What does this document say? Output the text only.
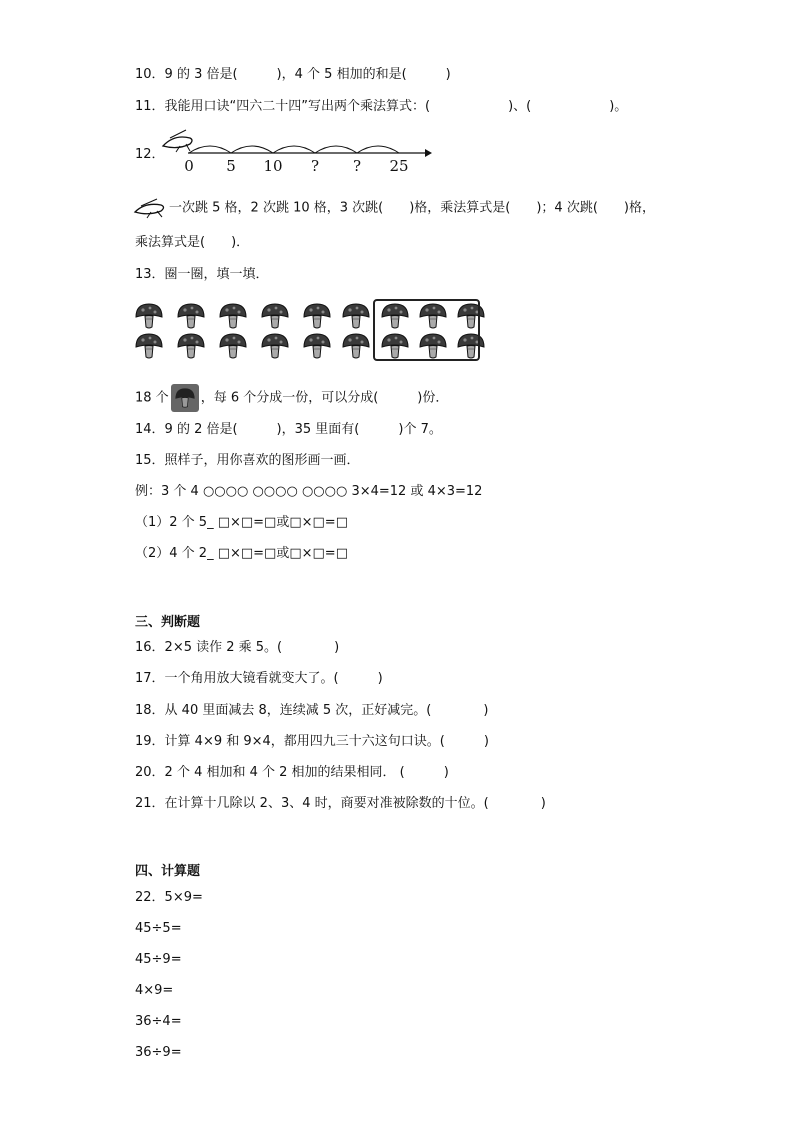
10．9 的 3 倍是(　　　)，4 个 5 相加的和是(　　　)
11．我能用口诀“四六二十四”写出两个乘法算式：(　　　　　　)、(　　　　　　)。
12．
0 5 10 ? ? 25
一次跳 5 格，2 次跳 10 格，3 次跳(　　)格，乘法算式是(　　)；4 次跳(　　)格，
乘法算式是(　　)．
13．圈一圈，填一填．
18 个 ，每 6 个分成一份，可以分成(　　　)份．
14．9 的 2 倍是(　　　)，35 里面有(　　　)个 7。
15．照样子，用你喜欢的图形画一画．
例：3 个 4 ○○○○ ○○○○ ○○○○ 3×4=12 或 4×3=12
（1）2 个 5_ □×□=□或□×□=□
（2）4 个 2_ □×□=□或□×□=□
三、判断题
16．2×5 读作 2 乘 5。(　　　　)
17．一个角用放大镜看就变大了。(　　　)
18．从 40 里面减去 8，连续减 5 次，正好减完。(　　　　)
19．计算 4×9 和 9×4，都用四九三十六这句口诀。(　　　)
20．2 个 4 相加和 4 个 2 相加的结果相同． (　　　)
21．在计算十几除以 2、3、4 时，商要对准被除数的十位。(　　　　)
四、计算题
22．5×9=
45÷5=
45÷9=
4×9=
36÷4=
36÷9=
